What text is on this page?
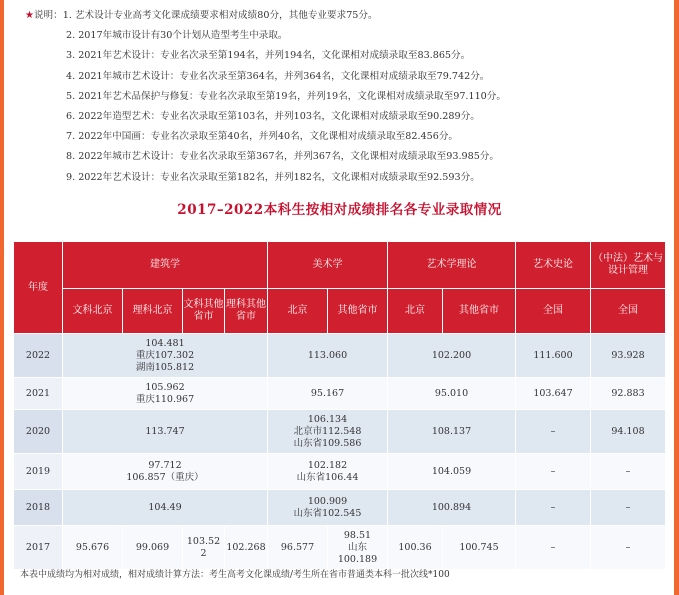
★说明：1. 艺术设计专业高考文化课成绩要求相对成绩80分，其他专业要求75分。
2. 2017年城市设计有30个计划从造型考生中录取。
3. 2021年艺术设计：专业名次录至第194名，并列194名，文化课相对成绩录取至83.865分。
4. 2021年城市艺术设计：专业名次录至第364名，并列364名，文化课相对成绩录取至79.742分。
5. 2021年艺术品保护与修复：专业名次录取至第19名，并列19名，文化课相对成绩录取至97.110分。
6. 2022年造型艺术：专业名次录取至第103名，并列103名，文化课相对成绩录取至90.289分。
7. 2022年中国画：专业名次录取至第40名，并列40名，文化课相对成绩录取至82.456分。
8. 2022年城市艺术设计：专业名次录取至第367名，并列367名，文化课相对成绩录取至93.985分。
9. 2022年艺术设计：专业名次录取至第182名，并列182名，文化课相对成绩录取至92.593分。
2017–2022本科生按相对成绩排名各专业录取情况
年度	建筑学				美术学		艺术学理论		艺术史论	（中法）艺术与设计管理
	文科北京	理科北京	文科其他省市	理科其他省市	北京	其他省市	北京	其他省市	全国	全国
2022	104.481
重庆107.302
湖南105.812				113.060		102.200		111.600	93.928
2021	105.962
重庆110.967				95.167		95.010		103.647	92.883
2020	113.747				106.134
北京市112.548
山东省109.586		108.137		–	94.108
2019	97.712
106.857（重庆）				102.182
山东省106.44		104.059		–	–
2018	104.49				100.909
山东省102.545		100.894		–	–
2017	95.676	99.069	103.52
2	102.268	96.577	98.51
山东
100.189	100.36	100.745	–	–
本表中成绩均为相对成绩，相对成绩计算方法：考生高考文化课成绩/考生所在省市普通类本科一批次线*100
